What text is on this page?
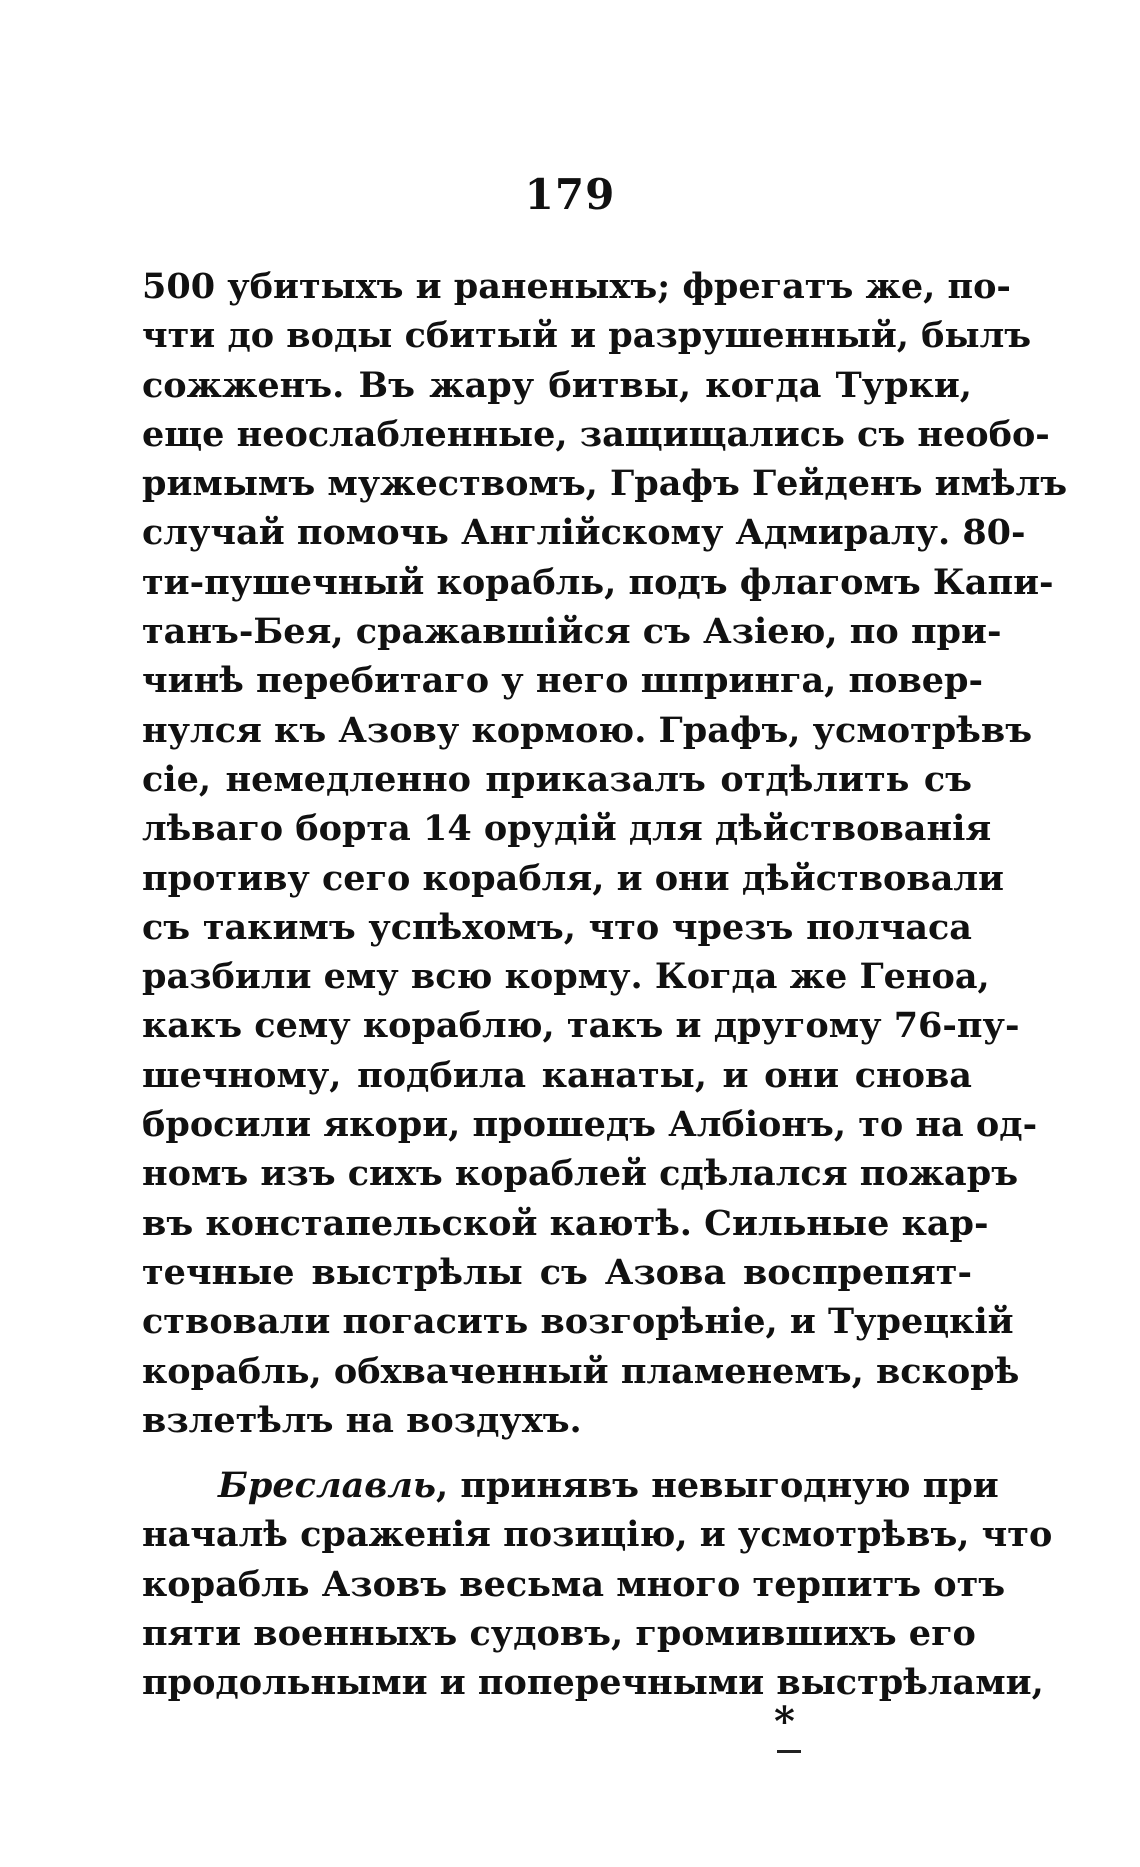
179
500 убитыхъ и раненыхъ; фрегатъ же, по-
чти до воды сбитый и разрушенный, былъ
сожженъ. Въ жару битвы, когда Турки,
еще неослабленные, защищались съ необо-
римымъ мужествомъ, Графъ Гейденъ имѣлъ
случай помочь Англійскому Адмиралу. 80-
ти-пушечный корабль, подъ флагомъ Капи-
танъ-Бея, сражавшійся съ Азіею, по при-
чинѣ перебитаго у него шпринга, повер-
нулся къ Азову кормою. Графъ, усмотрѣвъ
сіе, немедленно приказалъ отдѣлить съ
лѣваго борта 14 орудій для дѣйствованія
противу сего корабля, и они дѣйствовали
съ такимъ успѣхомъ, что чрезъ полчаса
разбили ему всю корму. Когда же Геноа,
какъ сему кораблю, такъ и другому 76-пу-
шечному, подбила канаты, и они снова
бросили якори, прошедъ Албіонъ, то на од-
номъ изъ сихъ кораблей сдѣлался пожаръ
въ констапельской каютѣ. Сильные кар-
течные выстрѣлы съ Азова воспрепят-
ствовали погасить возгорѣніе, и Турецкій
корабль, обхваченный пламенемъ, вскорѣ
взлетѣлъ на воздухъ.
Бреславль, принявъ невыгодную при
началѣ сраженія позицію, и усмотрѣвъ, что
корабль Азовъ весьма много терпитъ отъ
пяти военныхъ судовъ, громившихъ его
продольными и поперечными выстрѣлами,
*
